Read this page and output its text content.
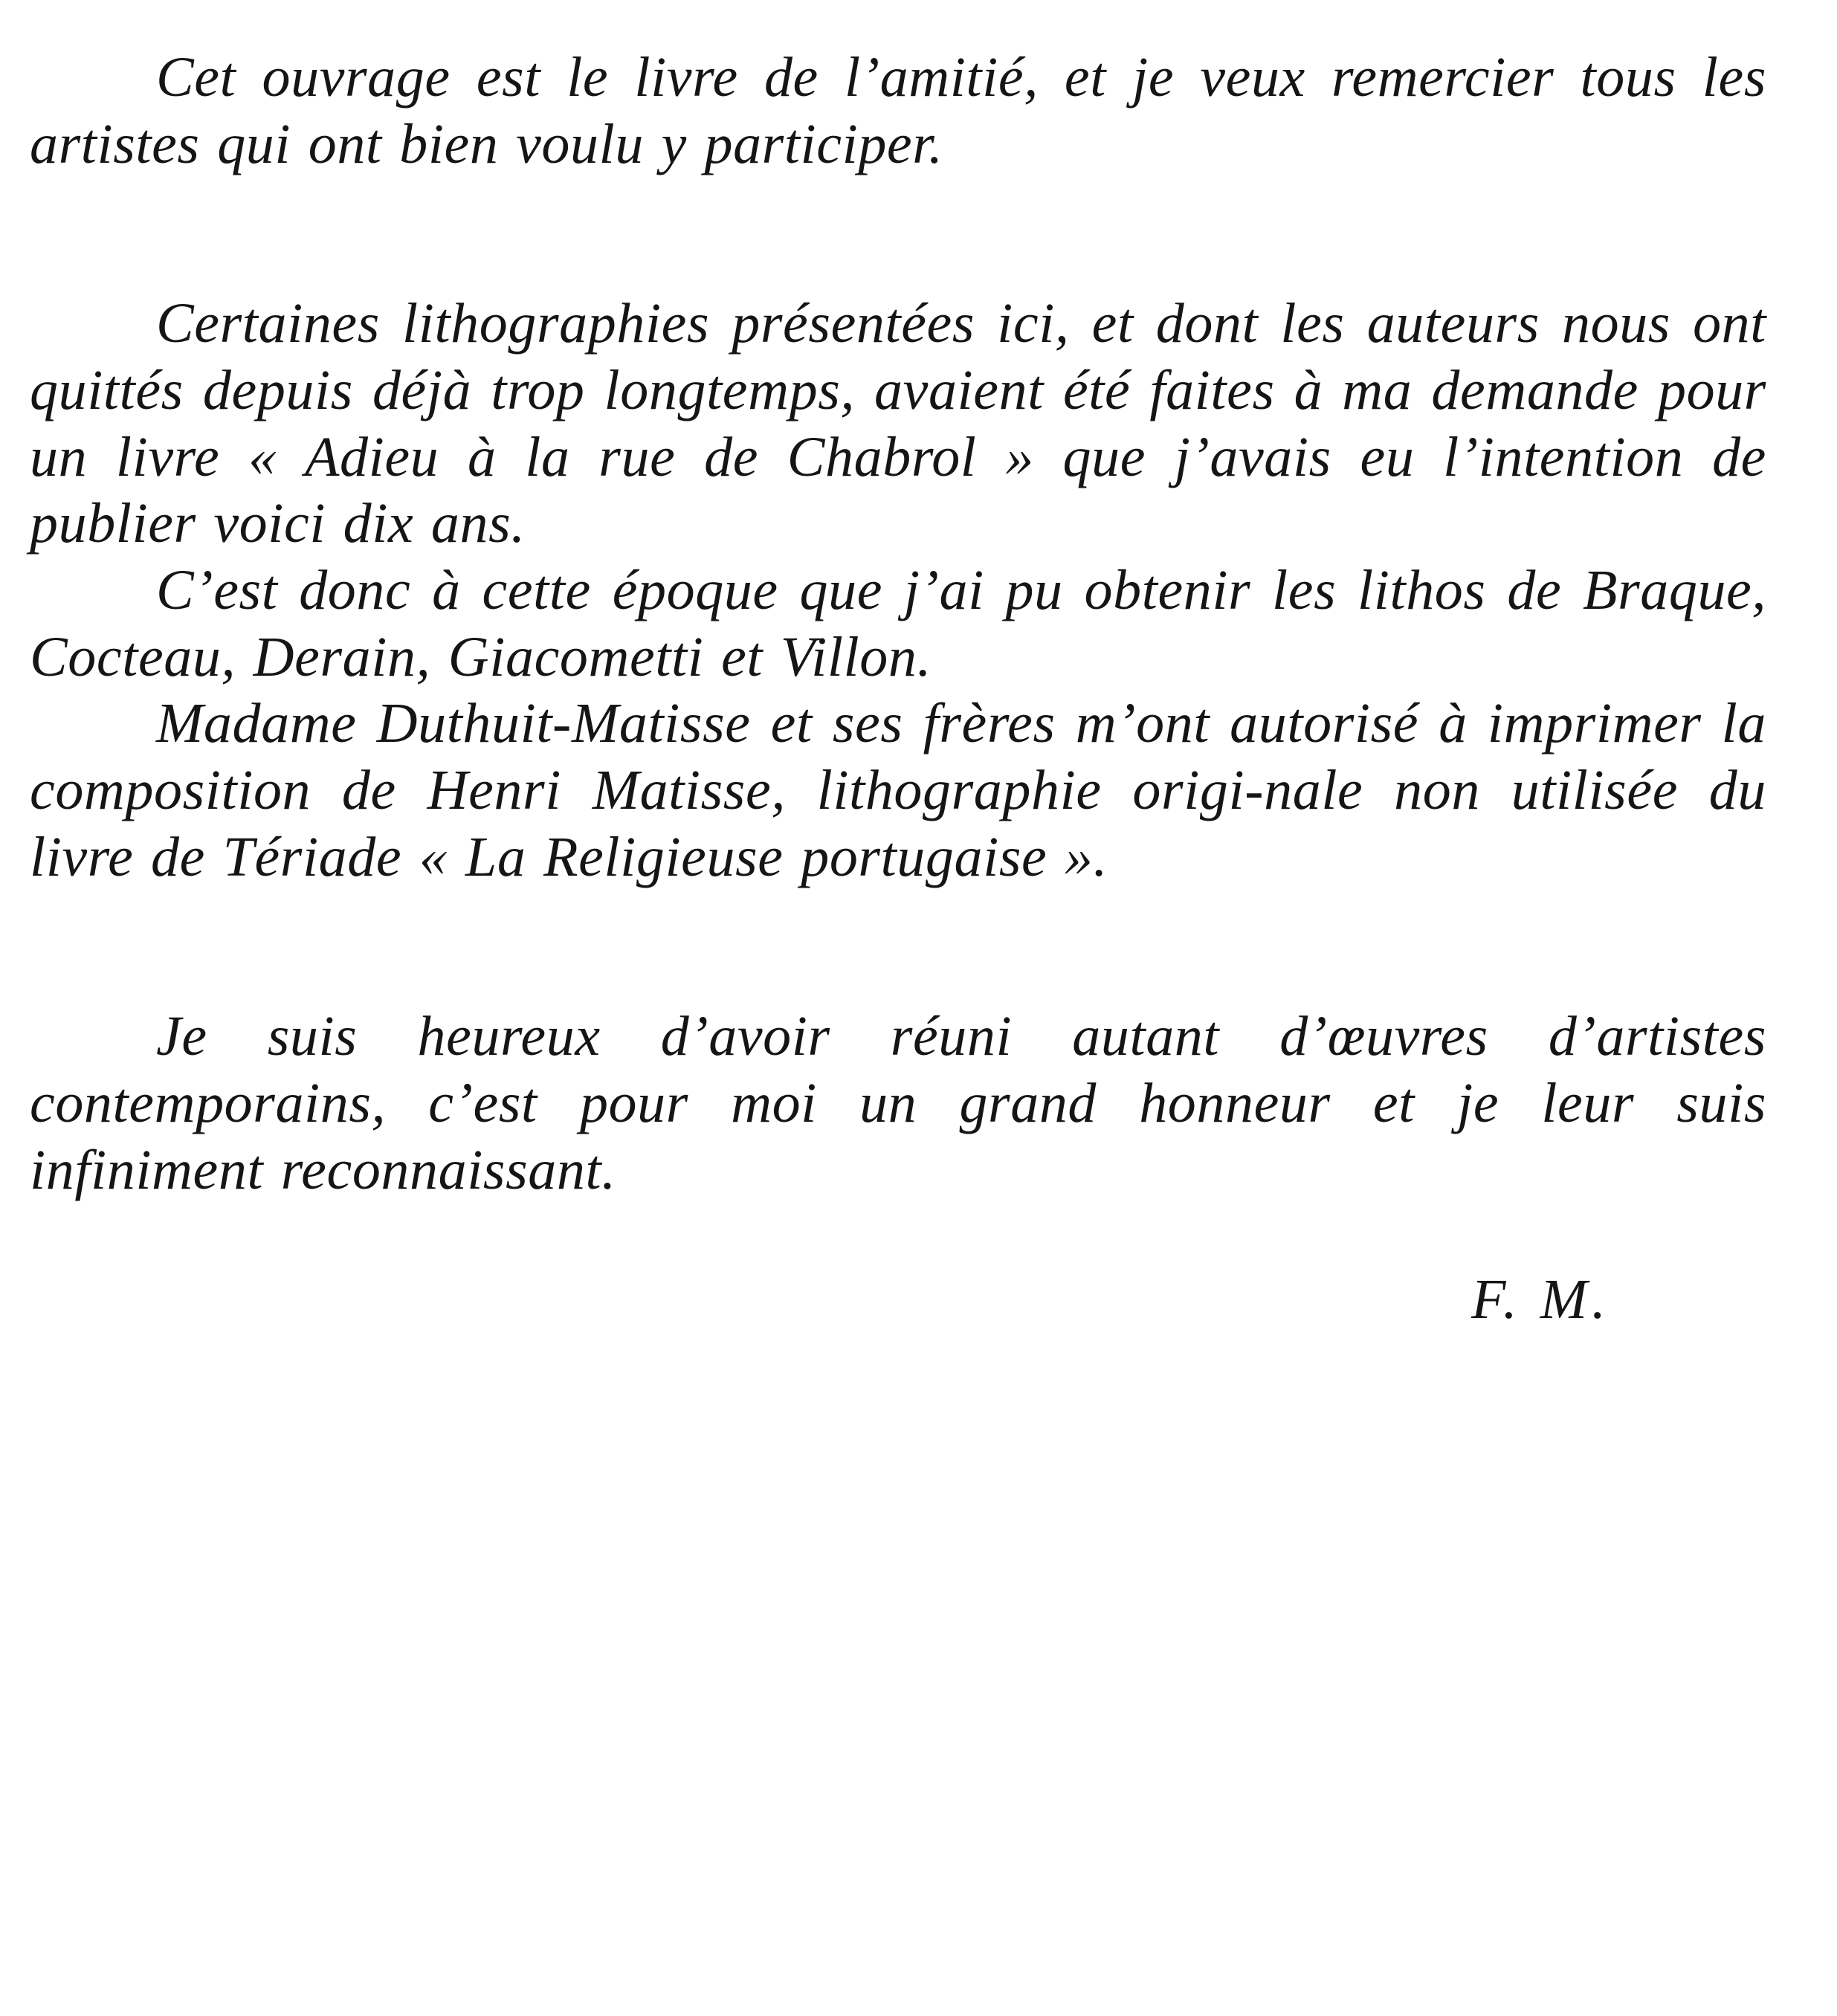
Cet ouvrage est le livre de l’amitié, et je veux remercier tous les artistes qui ont bien voulu y participer.

Certaines lithographies présentées ici, et dont les auteurs nous ont quittés depuis déjà trop longtemps, avaient été faites à ma demande pour un livre « Adieu à la rue de Chabrol » que j’avais eu l’intention de publier voici dix ans.

C’est donc à cette époque que j’ai pu obtenir les lithos de Braque, Cocteau, Derain, Giacometti et Villon.

Madame Duthuit-Matisse et ses frères m’ont autorisé à imprimer la composition de Henri Matisse, lithographie origi-nale non utilisée du livre de Tériade « La Religieuse portugaise ».

Je suis heureux d’avoir réuni autant d’œuvres d’artistes contemporains, c’est pour moi un grand honneur et je leur suis infiniment reconnaissant.

F. M.
